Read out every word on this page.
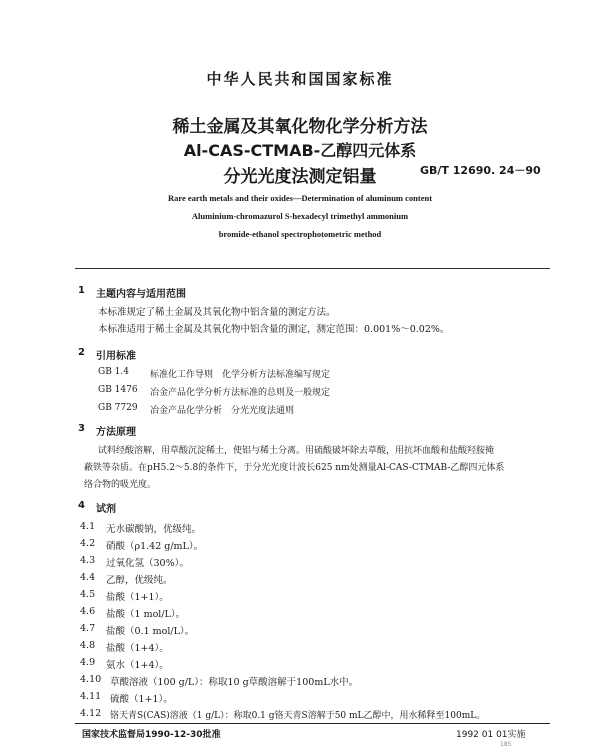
中华人民共和国国家标准
稀土金属及其氧化物化学分析方法
Al-CAS-CTMAB-乙醇四元体系
分光光度法测定铝量	GB/T 12690. 24－90
Rare earth metals and their oxides—Determination of aluminum content
Aluminium-chromazurol S-hexadecyl trimethyl ammonium
bromide-ethanol spectrophotometric method
1 主题内容与适用范围
本标准规定了稀土金属及其氧化物中铝含量的测定方法。
本标准适用于稀土金属及其氧化物中铝含量的测定，测定范围：0.001%～0.02%。
2 引用标准
GB 1.4 标准化工作导则　化学分析方法标准编写规定
GB 1476 冶金产品化学分析方法标准的总则及一般规定
GB 7729 冶金产品化学分析　分光光度法通则
3 方法原理
试料经酸溶解，用草酸沉淀稀土，使铝与稀土分离。用硫酸破坏除去草酸，用抗坏血酸和盐酸羟胺掩
蔽铁等杂质。在pH5.2～5.8的条件下，于分光光度计波长625 nm处测量Al-CAS-CTMAB-乙醇四元体系
络合物的吸光度。
4 试剂
4.1 无水碳酸钠，优级纯。
4.2 硝酸（ρ1.42 g/mL）。
4.3 过氧化氢（30%）。
4.4 乙醇，优级纯。
4.5 盐酸（1+1）。
4.6 盐酸（1 mol/L）。
4.7 盐酸（0.1 mol/L）。
4.8 盐酸（1+4）。
4.9 氨水（1+4）。
4.10 草酸溶液（100 g/L）：称取10 g草酸溶解于100mL水中。
4.11 硫酸（1+1）。
4.12 铬天青S(CAS)溶液（1 g/L）：称取0.1 g铬天青S溶解于50 mL乙醇中，用水稀释至100mL。
国家技术监督局1990-12-30批准	1992 01 01实施
185
